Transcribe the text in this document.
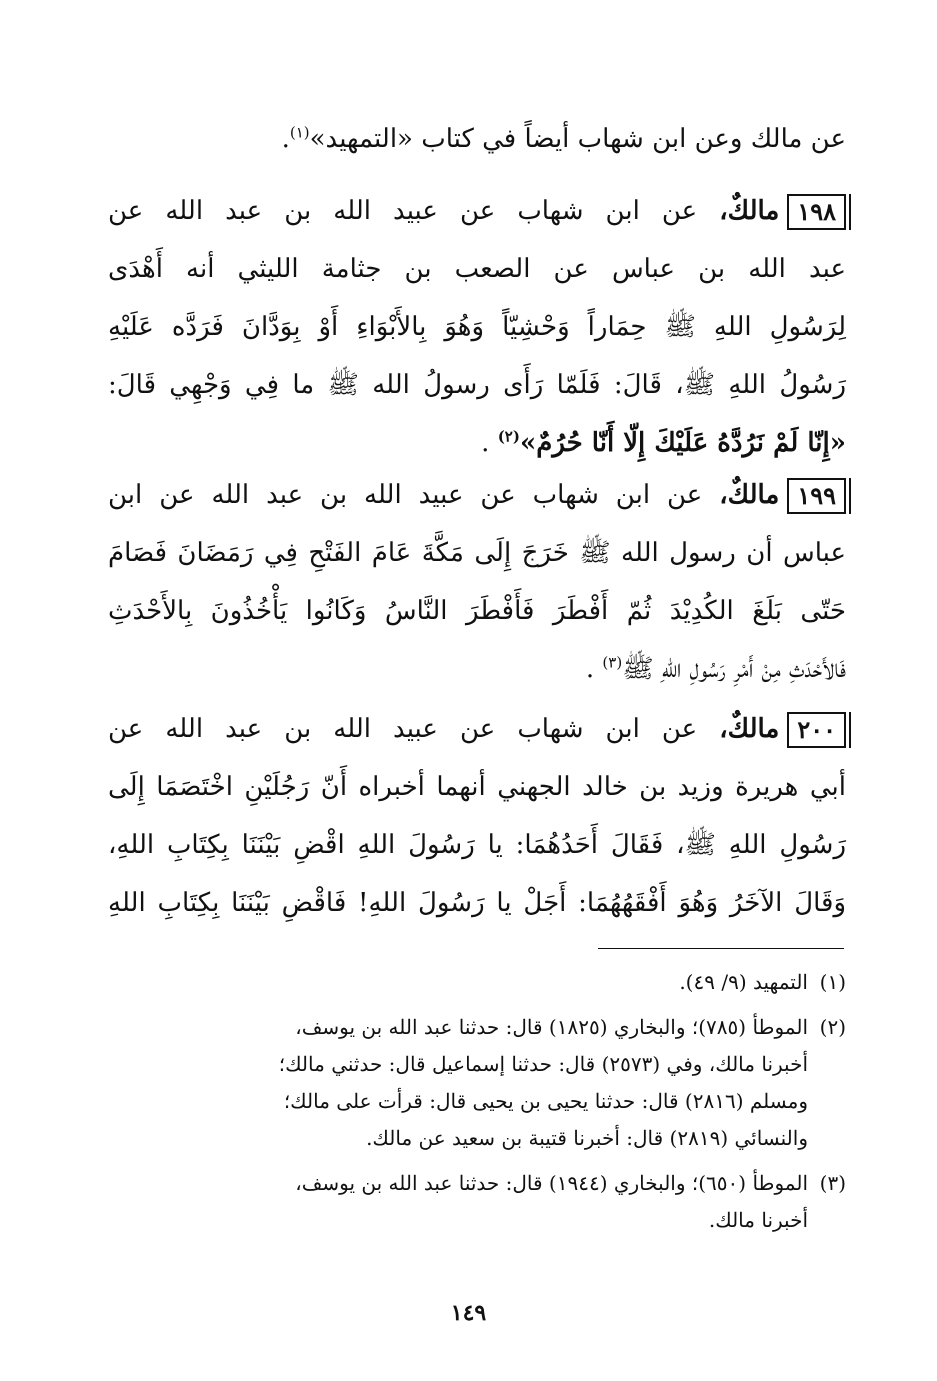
عن مالك وعن ابن شهاب أيضاً في كتاب «التمهيد»$^{(١)}$.
١٩٨مالكٌ، عن ابن شهاب عن عبيد الله بن عبد الله عن
عبد الله بن عباس عن الصعب بن جثامة الليثي أنه أَهْدَى
لِرَسُولِ اللهِ ﷺ حِمَاراً وَحْشِيّاً وَهُوَ بِالأَبْوَاءِ أَوْ بِوَدَّانَ فَرَدَّه عَلَيْهِ
رَسُولُ اللهِ ﷺ، قَالَ: فَلَمّا رَأَى رسولُ الله ﷺ ما فِي وَجْهِي قَالَ:
«إِنّا لَمْ نَرُدَّهُ عَلَيْكَ إِلّا أَنّا حُرُمٌ»$^{(٢)}$ .
١٩٩مالكٌ، عن ابن شهاب عن عبيد الله بن عبد الله عن ابن
عباس أن رسول الله ﷺ خَرَجَ إِلَى مَكَّةَ عَامَ الفَتْحِ فِي رَمَضَانَ فَصَامَ
حَتّى بَلَغَ الكُدِيْدَ ثُمّ أَفْطَرَ فَأَفْطَرَ النَّاسُ وَكَانُوا يَأْخُذُونَ بِالأَحْدَثِ
فَالأَحْدَثِ مِنْ أَمْرِ رَسُولِ اللهِ ﷺ$^{(٣)}$ .
٢٠٠مالكٌ، عن ابن شهاب عن عبيد الله بن عبد الله عن
أبي هريرة وزيد بن خالد الجهني أنهما أخبراه أَنّ رَجُلَيْنِ اخْتَصَمَا إِلَى
رَسُولِ اللهِ ﷺ، فَقَالَ أَحَدُهُمَا: يا رَسُولَ اللهِ اقْضِ بَيْنَنَا بِكِتَابِ اللهِ،
وَقَالَ الآخَرُ وَهُوَ أَفْقَهُهُمَا: أَجَلْ يا رَسُولَ اللهِ! فَاقْضِ بَيْنَنَا بِكِتَابِ اللهِ
(١)التمهيد (٩/ ٤٩).
(٢)الموطأ (٧٨٥)؛ والبخاري (١٨٢٥) قال: حدثنا عبد الله بن يوسف،
أخبرنا مالك، وفي (٢٥٧٣) قال: حدثنا إسماعيل قال: حدثني مالك؛
ومسلم (٢٨١٦) قال: حدثنا يحيى بن يحيى قال: قرأت على مالك؛
والنسائي (٢٨١٩) قال: أخبرنا قتيبة بن سعيد عن مالك.
(٣)الموطأ (٦٥٠)؛ والبخاري (١٩٤٤) قال: حدثنا عبد الله بن يوسف،
أخبرنا مالك.
١٤٩
